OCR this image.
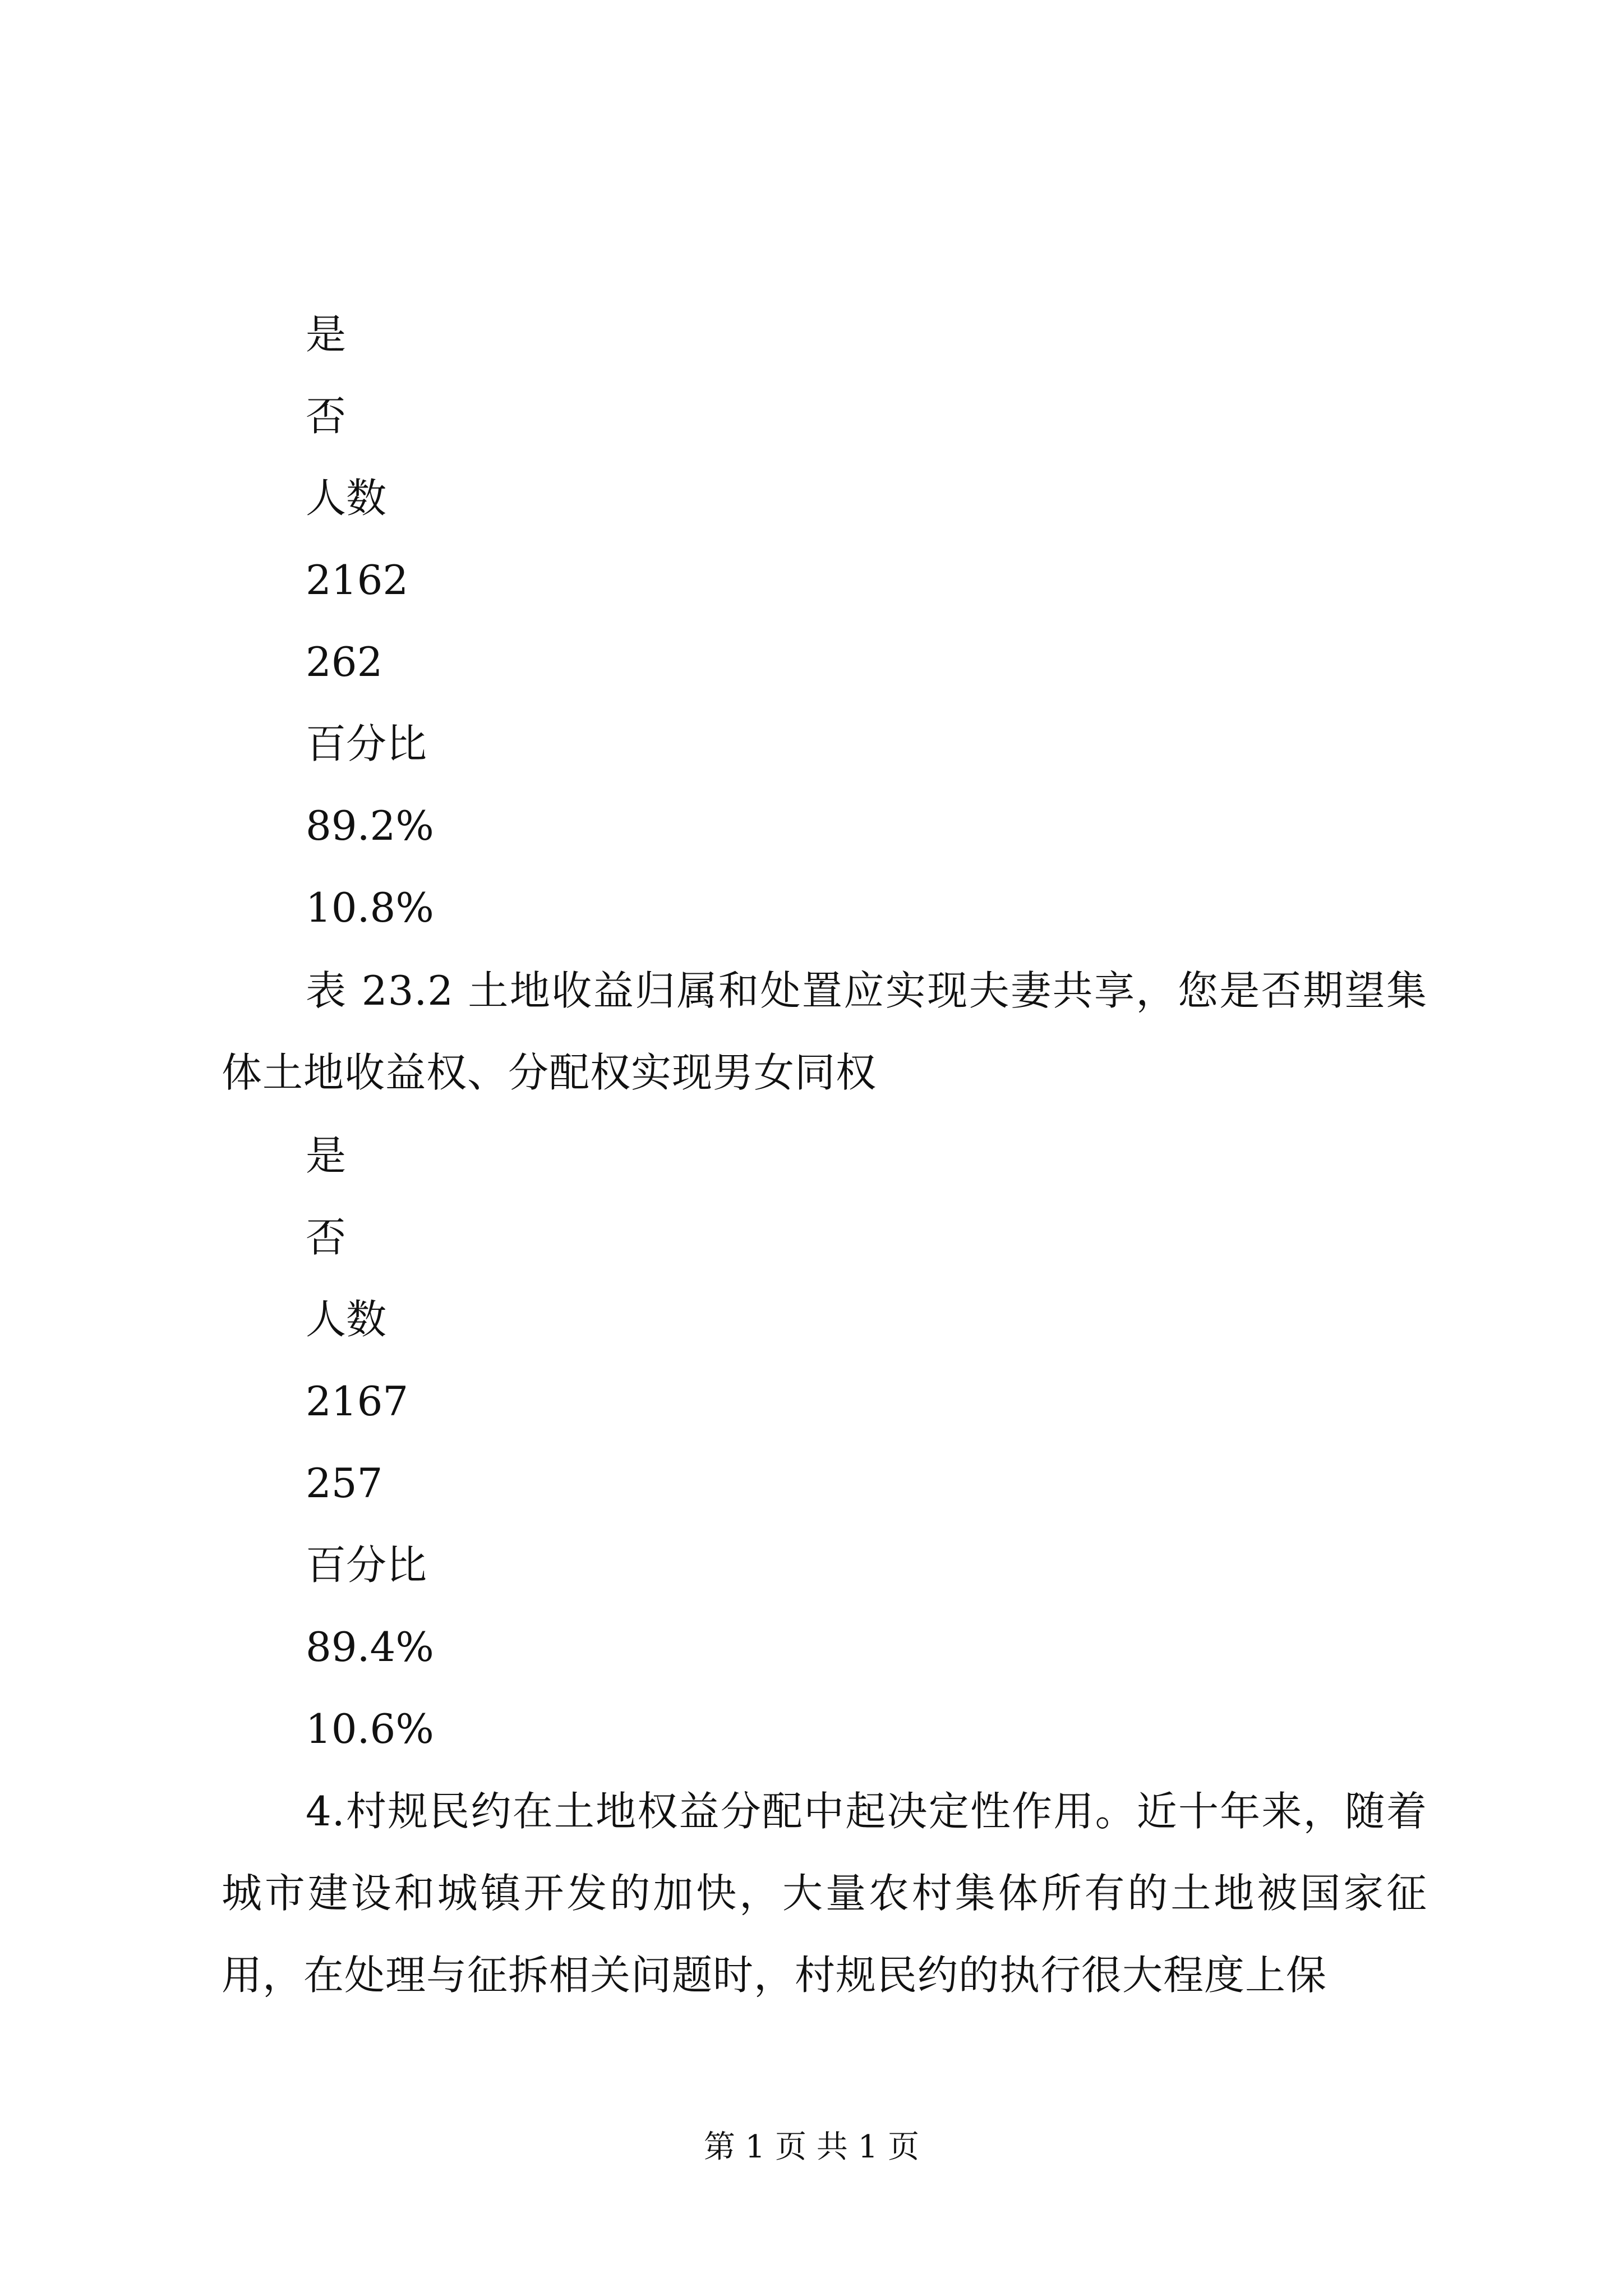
是
否
人数
2162
262
百分比
89.2%
10.8%
表 23.2 土地收益归属和处置应实现夫妻共享，您是否期望集体土地收益权、分配权实现男女同权
是
否
人数
2167
257
百分比
89.4%
10.6%
4.村规民约在土地权益分配中起决定性作用。近十年来，随着城市建设和城镇开发的加快，大量农村集体所有的土地被国家征用，在处理与征拆相关问题时，村规民约的执行很大程度上保
第 1 页 共 1 页
